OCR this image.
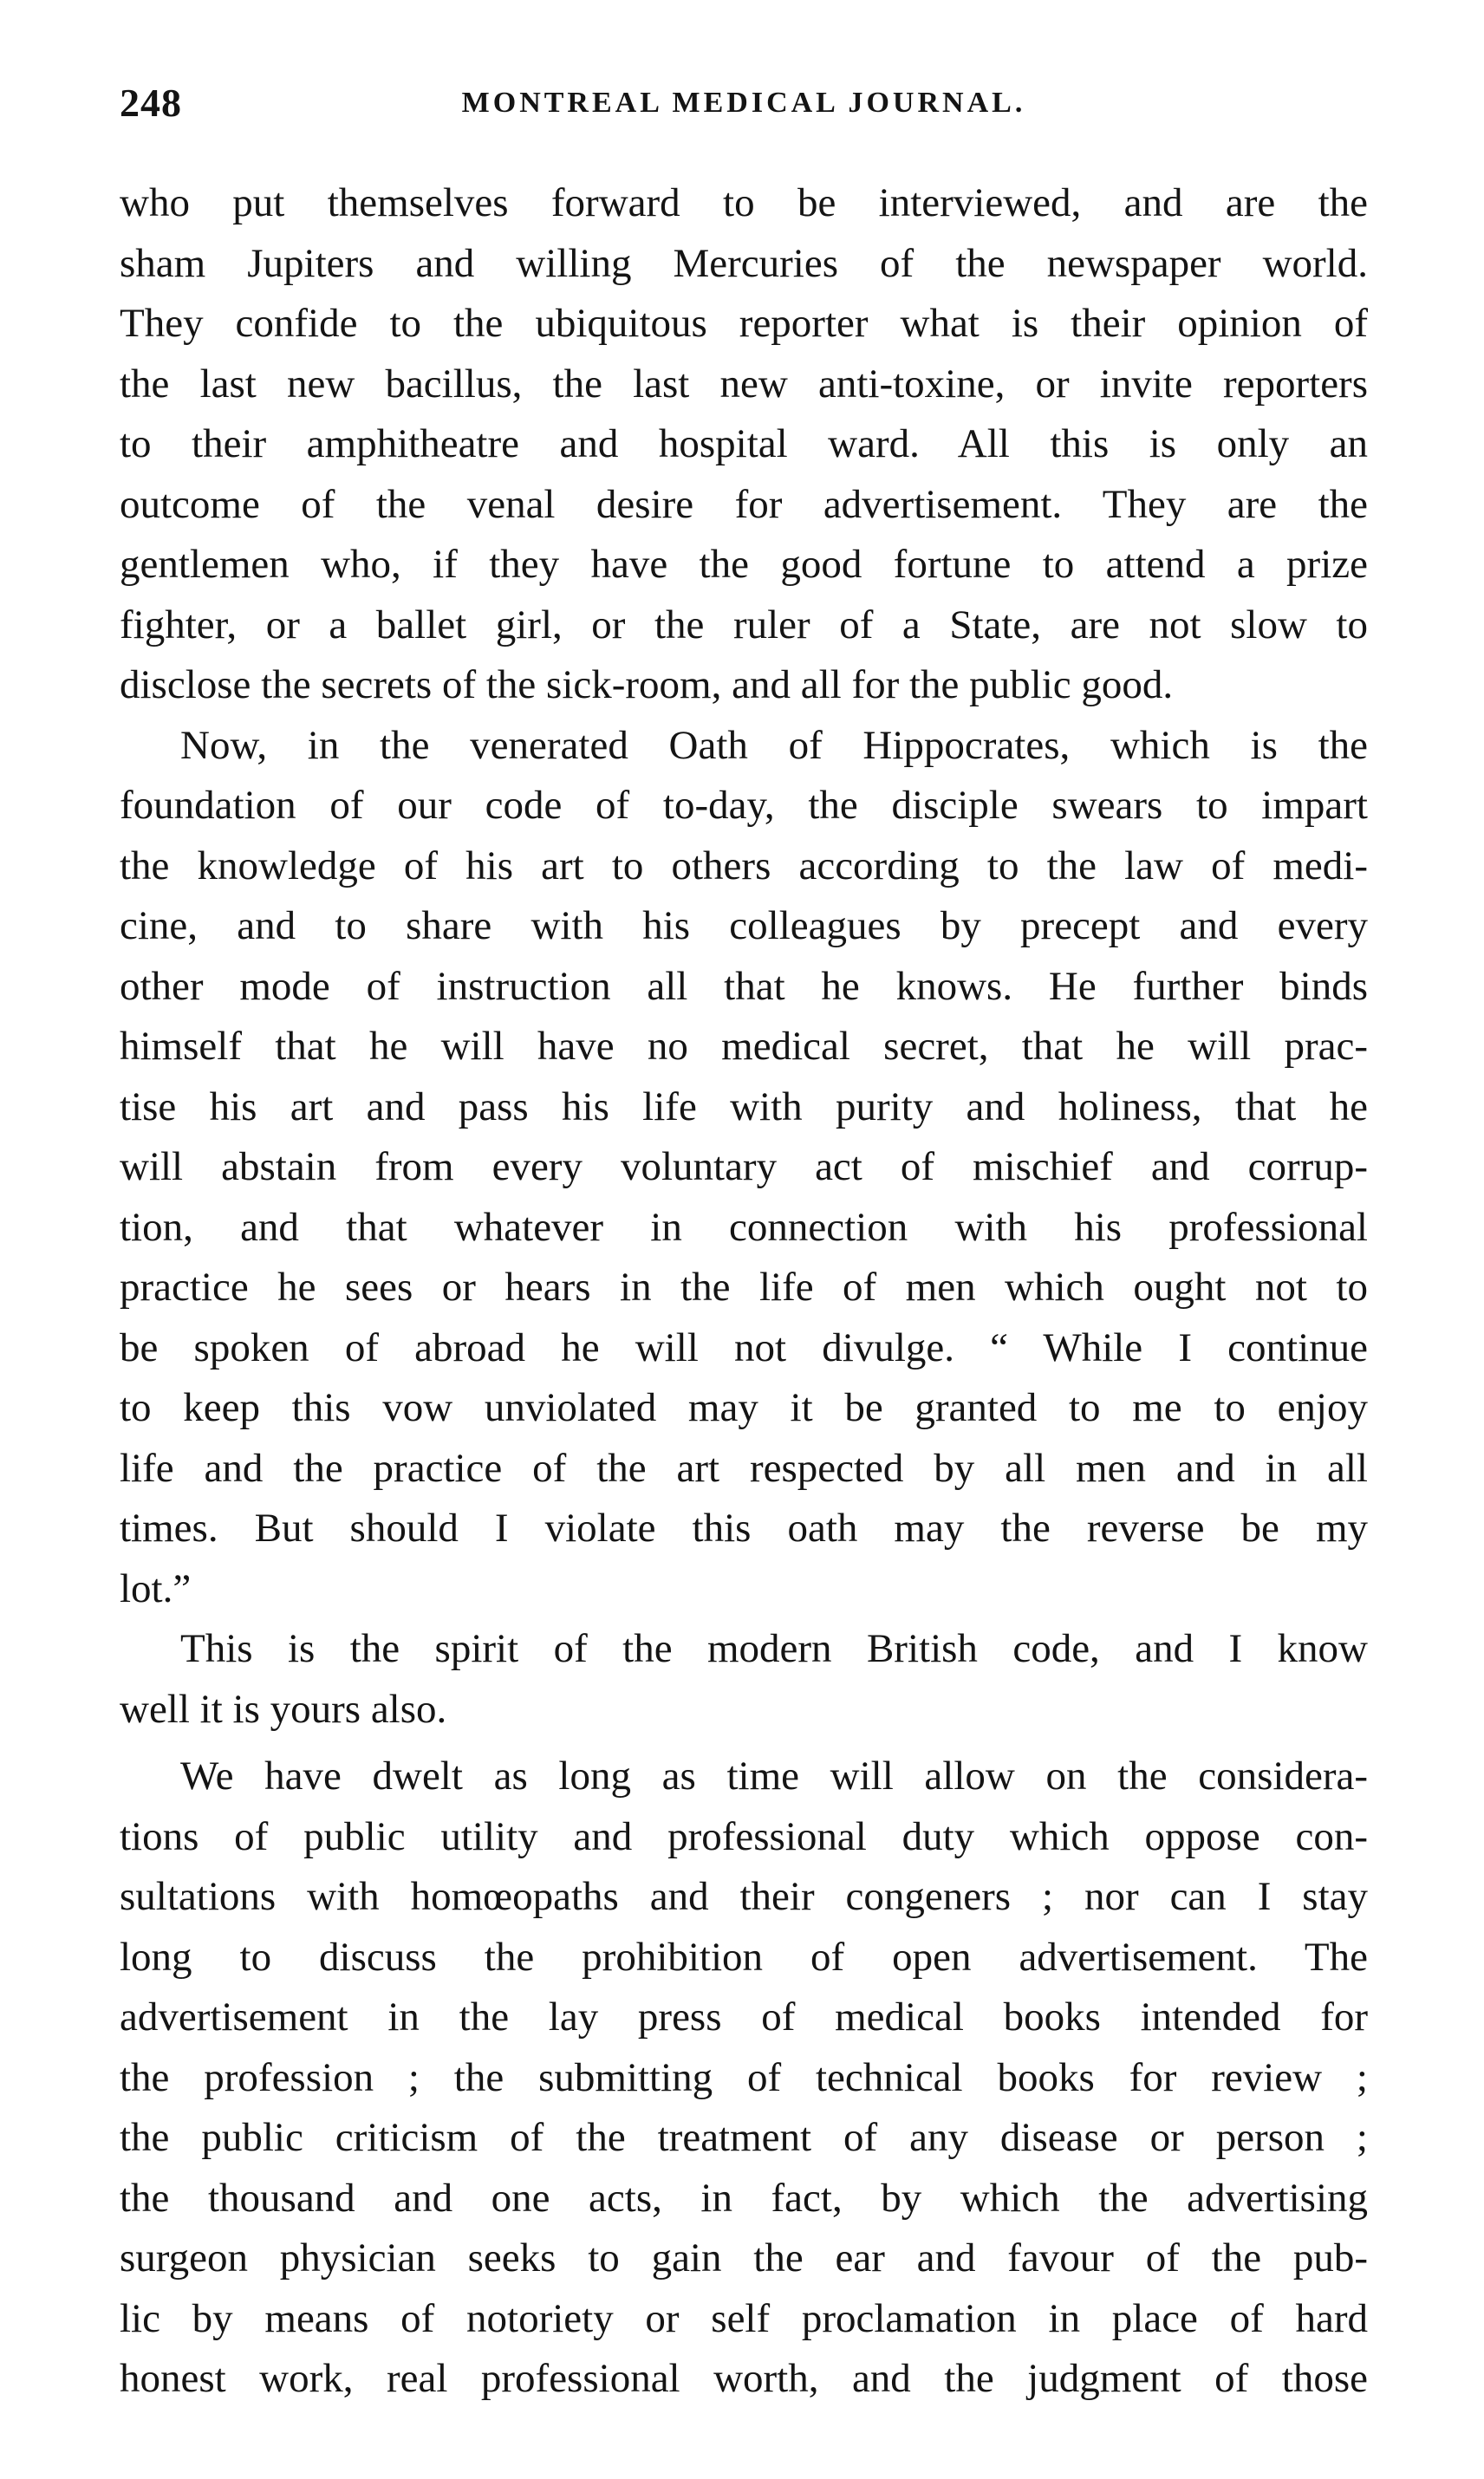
248	MONTREAL MEDICAL JOURNAL.
who put themselves forward to be interviewed, and are the
sham Jupiters and willing Mercuries of the newspaper world.
They confide to the ubiquitous reporter what is their opinion of
the last new bacillus, the last new anti-toxine, or invite reporters
to their amphitheatre and hospital ward. All this is only an
outcome of the venal desire for advertisement. They are the
gentlemen who, if they have the good fortune to attend a prize
fighter, or a ballet girl, or the ruler of a State, are not slow to
disclose the secrets of the sick-room, and all for the public good.
Now, in the venerated Oath of Hippocrates, which is the
foundation of our code of to-day, the disciple swears to impart
the knowledge of his art to others according to the law of medi-
cine, and to share with his colleagues by precept and every
other mode of instruction all that he knows. He further binds
himself that he will have no medical secret, that he will prac-
tise his art and pass his life with purity and holiness, that he
will abstain from every voluntary act of mischief and corrup-
tion, and that whatever in connection with his professional
practice he sees or hears in the life of men which ought not to
be spoken of abroad he will not divulge. “ While I continue
to keep this vow unviolated may it be granted to me to enjoy
life and the practice of the art respected by all men and in all
times. But should I violate this oath may the reverse be my
lot.”
This is the spirit of the modern British code, and I know
well it is yours also.
We have dwelt as long as time will allow on the considera-
tions of public utility and professional duty which oppose con-
sultations with homœopaths and their congeners ; nor can I stay
long to discuss the prohibition of open advertisement. The
advertisement in the lay press of medical books intended for
the profession ; the submitting of technical books for review ;
the public criticism of the treatment of any disease or person ;
the thousand and one acts, in fact, by which the advertising
surgeon physician seeks to gain the ear and favour of the pub-
lic by means of notoriety or self proclamation in place of hard
honest work, real professional worth, and the judgment of those
